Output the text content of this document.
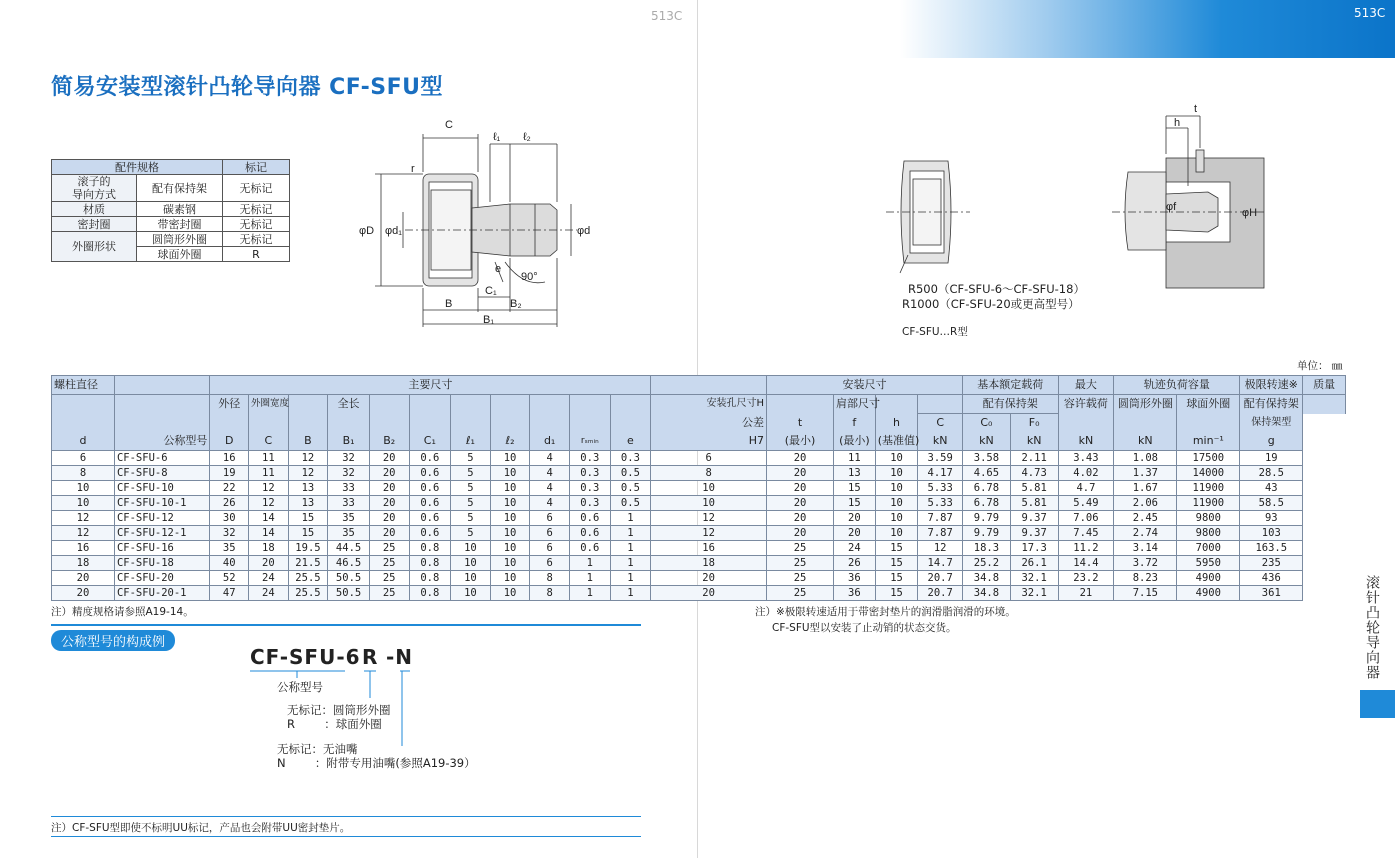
513C	513C
简易安装型滚针凸轮导向器 CF-SFU型
配件规格		标记
滚子的
导向方式	配有保持架	无标记
材质	碳素钢	无标记
密封圈	带密封圈	无标记
外圈形状	圆筒形外圈	无标记
	球面外圈	R
C
ℓ₁ ℓ₂
r
φD φd₁	φd
e
90°
C₁
B	B₂
B₁
R500（CF-SFU-6～CF-SFU-18）
R1000（CF-SFU-20或更高型号）
CF-SFU…R型
t
h
φf	φH
单位： ㎜
螺柱直径		主要尺寸												安装尺寸				基本额定载荷		最大	轨迹负荷容量		极限转速※	质量
		外径	外圈宽度		全长								安装孔尺寸H		肩部尺寸			配有保持架		容许载荷	圆筒形外圈	球面外圈	配有保持架	
													公差	t	f	h	C	C₀	F₀				保持架型	
d	公称型号	D	C	B	B₁	B₂	C₁	ℓ₁	ℓ₂	d₁	rₛₘᵢₙ	e	H7	(最小)	(最小)	(基准值)	kN	kN	kN	kN	kN	min⁻¹	g	
6	CF-SFU-6	16	11	12	32	20	0.6	5	10	4	0.3	0.3	6	20	11	10	3.59	3.58	2.11	3.43	1.08	17500	19	
8	CF-SFU-8	19	11	12	32	20	0.6	5	10	4	0.3	0.5	8	20	13	10	4.17	4.65	4.73	4.02	1.37	14000	28.5	
10	CF-SFU-10	22	12	13	33	20	0.6	5	10	4	0.3	0.5	10	20	15	10	5.33	6.78	5.81	4.7	1.67	11900	43	
10	CF-SFU-10-1	26	12	13	33	20	0.6	5	10	4	0.3	0.5	10	20	15	10	5.33	6.78	5.81	5.49	2.06	11900	58.5	
12	CF-SFU-12	30	14	15	35	20	0.6	5	10	6	0.6	1	12	20	20	10	7.87	9.79	9.37	7.06	2.45	9800	93	
12	CF-SFU-12-1	32	14	15	35	20	0.6	5	10	6	0.6	1	12	20	20	10	7.87	9.79	9.37	7.45	2.74	9800	103	
16	CF-SFU-16	35	18	19.5	44.5	25	0.8	10	10	6	0.6	1	16	25	24	15	12	18.3	17.3	11.2	3.14	7000	163.5	
18	CF-SFU-18	40	20	21.5	46.5	25	0.8	10	10	6	1	1	18	25	26	15	14.7	25.2	26.1	14.4	3.72	5950	235	
20	CF-SFU-20	52	24	25.5	50.5	25	0.8	10	10	8	1	1	20	25	36	15	20.7	34.8	32.1	23.2	8.23	4900	436	
20	CF-SFU-20-1	47	24	25.5	50.5	25	0.8	10	10	8	1	1	20	25	36	15	20.7	34.8	32.1	21	7.15	4900	361	
注）精度规格请参照A19-14。	注）※极限转速适用于带密封垫片的润滑脂润滑的环境。
CF-SFU型以安装了止动销的状态交货。
公称型号的构成例
CF-SFU-6 R -N
公称型号
无标记：圆筒形外圈
R        ：球面外圈
无标记：无油嘴
N        ：附带专用油嘴(参照A19-39）
注）CF-SFU型即使不标明UU标记，产品也会附带UU密封垫片。
滚针凸轮导向器
